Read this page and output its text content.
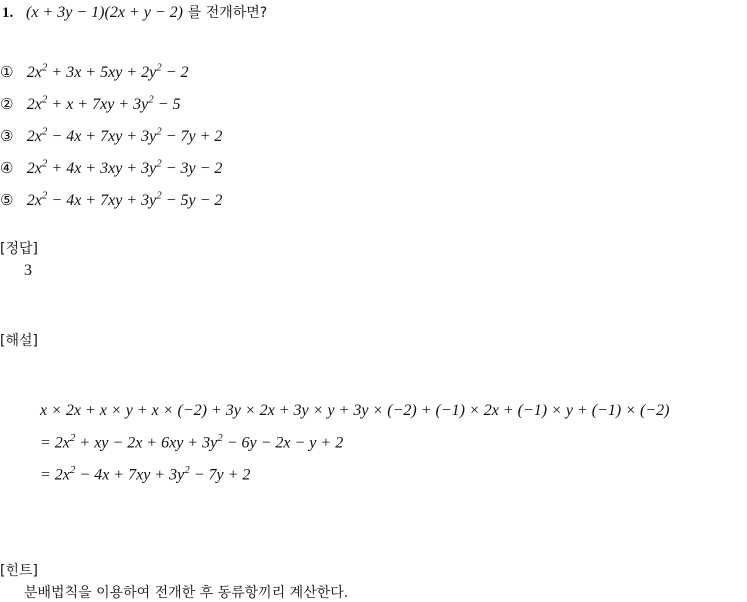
1. (x + 3y − 1)(2x + y − 2) 를 전개하면?
① $2x^2 + 3x + 5xy + 2y^2 - 2$
② $2x^2 + x + 7xy + 3y^2 - 5$
③ $2x^2 - 4x + 7xy + 3y^2 - 7y + 2$
④ $2x^2 + 4x + 3xy + 3y^2 - 3y - 2$
⑤ $2x^2 - 4x + 7xy + 3y^2 - 5y - 2$
[정답]
3
[해설]
x × 2x + x × y + x × (−2) + 3y × 2x + 3y × y + 3y × (−2) + (−1) × 2x + (−1) × y + (−1) × (−2)
= $2x^2$ + xy − $2x + 6xy + 3y^2 - 6y - 2x - y + 2$
= $2x^2 - 4x + 7xy + 3y^2 - 7y + 2$
[힌트]
분배법칙을 이용하여 전개한 후 동류항끼리 계산한다.
